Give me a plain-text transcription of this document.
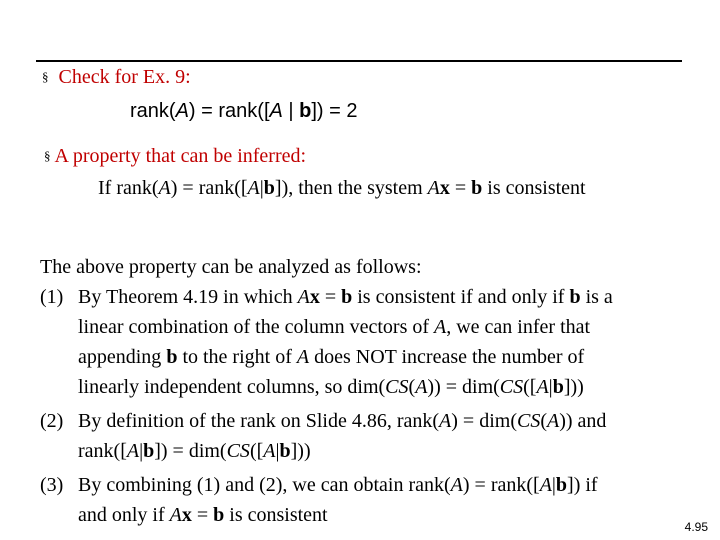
§ Check for Ex. 9:
rank(A) = rank([A | b]) = 2
§ A property that can be inferred:
If rank(A) = rank([A|b]), then the system Ax = b is consistent
The above property can be analyzed as follows:
(1) By Theorem 4.19 in which Ax = b is consistent if and only if b is a
linear combination of the column vectors of A, we can infer that
appending b to the right of A does NOT increase the number of
linearly independent columns, so dim(CS(A)) = dim(CS([A|b]))
(2) By definition of the rank on Slide 4.86, rank(A) = dim(CS(A)) and
rank([A|b]) = dim(CS([A|b]))
(3) By combining (1) and (2), we can obtain rank(A) = rank([A|b]) if
and only if Ax = b is consistent
4.95
